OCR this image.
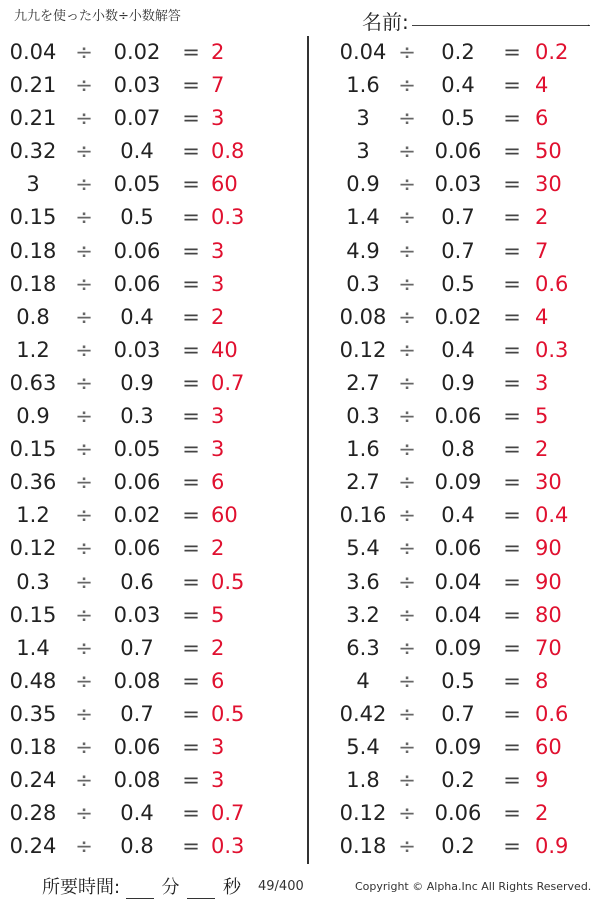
九九を使った小数÷小数解答	名前:	.
0.04 ÷ 0.02	= 2
0.21 ÷ 0.03	= 7
0.21 ÷ 0.07	= 3
0.32 ÷	0.4	= 0.8
3	÷ 0.05	= 60
0.15 ÷	0.5	= 0.3
0.18 ÷ 0.06	= 3
0.18 ÷ 0.06	= 3
0.8	÷	0.4	= 2
1.2	÷ 0.03	= 40
0.63 ÷	0.9	= 0.7
0.9	÷	0.3	= 3
0.15 ÷ 0.05	= 3
0.36 ÷ 0.06	= 6
1.2	÷ 0.02	= 60
0.12 ÷ 0.06	= 2
0.3	÷	0.6	= 0.5
0.15 ÷ 0.03	= 5
1.4	÷	0.7	= 2
0.48 ÷ 0.08	= 6
0.35 ÷	0.7	= 0.5
0.18 ÷ 0.06	= 3
0.24 ÷ 0.08	= 3
0.28 ÷	0.4	= 0.7
0.24 ÷	0.8	= 0.3
0.04 ÷	0.2	= 0.2
1.6 ÷	0.4	= 4
3	÷	0.5	= 6
3	÷ 0.06	= 50
0.9 ÷ 0.03	= 30
1.4 ÷	0.7	= 2
4.9 ÷	0.7	= 7
0.3 ÷	0.5	= 0.6
0.08 ÷ 0.02	= 4
0.12 ÷	0.4	= 0.3
2.7 ÷	0.9	= 3
0.3 ÷ 0.06	= 5
1.6 ÷	0.8	= 2
2.7 ÷ 0.09	= 30
0.16 ÷	0.4	= 0.4
5.4 ÷ 0.06	= 90
3.6 ÷ 0.04	= 90
3.2 ÷ 0.04	= 80
6.3 ÷ 0.09	= 70
4	÷	0.5	= 8
0.42 ÷	0.7	= 0.6
5.4 ÷ 0.09	= 60
1.8 ÷	0.2	= 9
0.12 ÷ 0.06	= 2
0.18 ÷	0.2	= 0.9
所要時間: 分 秒 49/400	Copyright © Alpha.Inc All Rights Reserved.
